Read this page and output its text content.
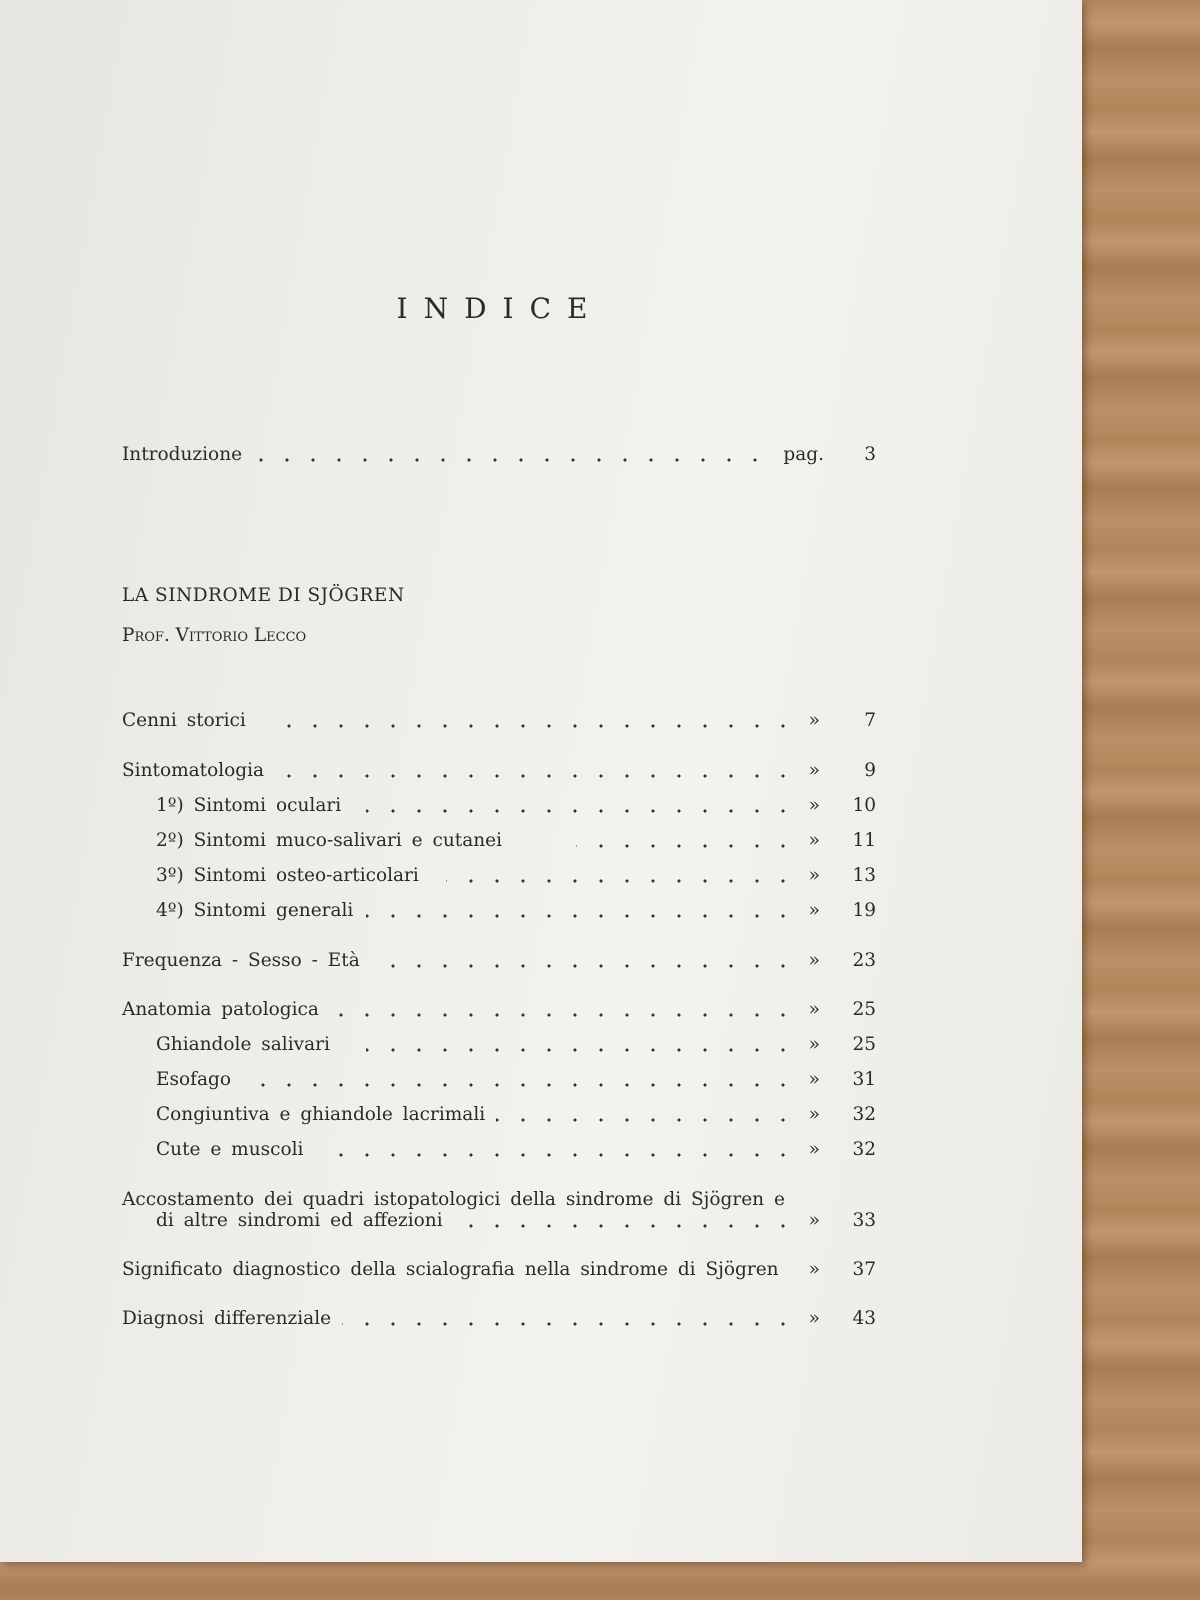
INDICE
Introduzione	pag.	3
LA SINDROME DI SJÖGREN
Prof. Vittorio Lecco
Cenni storici	»	7
Sintomatologia	»	9
1º) Sintomi oculari	»	10
2º) Sintomi muco-salivari e cutanei	»	11
3º) Sintomi osteo-articolari	»	13
4º) Sintomi generali	»	19
Frequenza - Sesso - Età	»	23
Anatomia patologica	»	25
Ghiandole salivari	»	25
Esofago	»	31
Congiuntiva e ghiandole lacrimali	»	32
Cute e muscoli	»	32
Accostamento dei quadri istopatologici della sindrome di Sjögren e
di altre sindromi ed affezioni	»	33
Significato diagnostico della scialografia nella sindrome di Sjögren »	37
Diagnosi differenziale	»	43
